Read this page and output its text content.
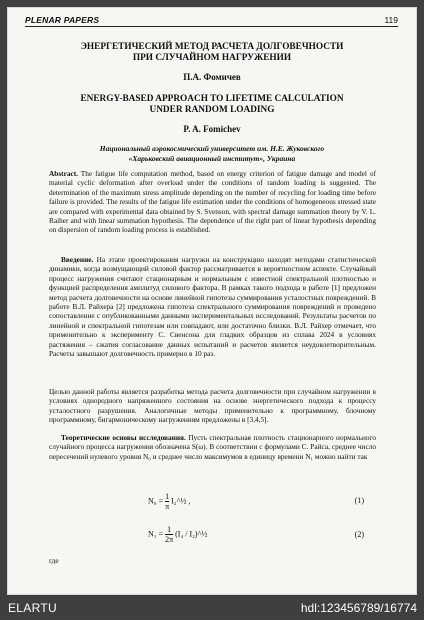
PLENAR PAPERS	119
ЭНЕРГЕТИЧЕСКИЙ МЕТОД РАСЧЕТА ДОЛГОВЕЧНОСТИ
ПРИ СЛУЧАЙНОМ НАГРУЖЕНИИ
П.А. Фомичев
ENERGY-BASED APPROACH TO LIFETIME CALCULATION
UNDER RANDOM LOADING
P. A. Fomichev
Национальный аэрокосмический университет им. Н.Е. Жуковского
«Харьковский авиационный институт», Украина
Abstract. The fatigue life computation method, based on energy criterion of fatigue damage and model of material cyclic deformation after overload under the conditions of random loading is suggested. The determination of the maximum stress amplitude depending on the number of recycling for loading time before failure is provided. The results of the fatigue life estimation under the conditions of homogeneous stressed state are compared with experimental data obtained by S. Svenson, with spectral damage summation theory by V. L. Raiher and with linear summation hypothesis. The dependence of the right part of linear hypothesis depending on dispersion of random loading process is established.
Введение. На этапе проектирования нагрузки на конструкцию находят методами статистической динамики, когда возмущающий силовой фактор рассматривается в вероятностном аспекте. Случайный процесс нагружения считают стационарным и нормальным с известной спектральной плотностью и функцией распределения амплитуд силового фактора. В рамках такого подхода в работе [1] предложен метод расчета долговечности на основе линейной гипотезы суммирования усталостных повреждений. В работе В.Л. Райхера [2] предложена гипотеза спектрального суммирования повреждений и проведено сопоставление с опубликованными данными экспериментальных исследований. Результаты расчетов по линейной и спектральной гипотезам или совпадают, или достаточно близки. В.Л. Райхер отмечает, что применительно к эксперименту С. Свенсона для гладких образцов из сплава 2024 в условиях растяжения – сжатия согласование данных испытаний и расчетов является неудовлетворительным. Расчеты завышают долговечность примерно в 10 раз.
Целью данной работы является разработка метода расчета долговечности при случайном нагружении в условиях однородного напряженного состояния на основе энергетического подхода к процессу усталостного разрушения. Аналогичные методы применительно к программному, блочному программному, бигармоническому нагружениям предложены в [3,4,5].
Теоретические основы исследования. Пусть спектральная плотность стационарного нормального случайного процесса нагружения обозначена S(ω). В соответствии с формулами С. Райса, среднее число пересечений нулевого уровня N₀ и среднее число максимумов в единицу времени N₁ можно найти так
$N_0 = \frac{1}{\pi}$ I₂^½ ,	(1)
$N_1 = \frac{1}{2\pi} (I_4$ / I₂)^½	(2)
где
ELARTU	hdl:123456789/16774
